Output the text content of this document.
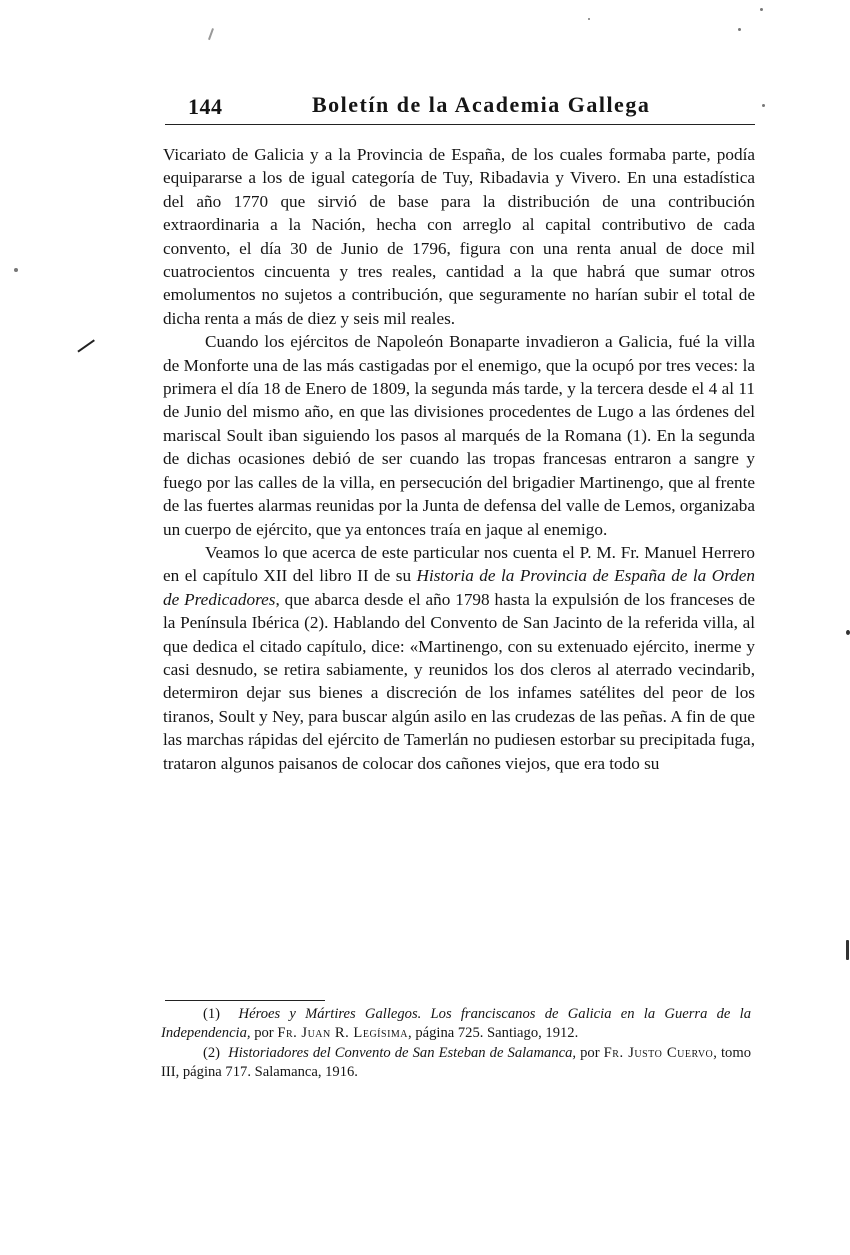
144	Boletín de la Academia Gallega

Vicariato de Galicia y a la Provincia de España, de los cuales formaba parte, podía equipararse a los de igual categoría de Tuy, Ribadavia y Vivero. En una estadística del año 1770 que sirvió de base para la distribución de una contribución extraordinaria a la Nación, hecha con arreglo al capital contributivo de cada convento, el día 30 de Junio de 1796, figura con una renta anual de doce mil cuatrocientos cincuenta y tres reales, cantidad a la que habrá que sumar otros emolumentos no sujetos a contribución, que seguramente no harían subir el total de dicha renta a más de diez y seis mil reales.

Cuando los ejércitos de Napoleón Bonaparte invadieron a Galicia, fué la villa de Monforte una de las más castigadas por el enemigo, que la ocupó por tres veces: la primera el día 18 de Enero de 1809, la segunda más tarde, y la tercera desde el 4 al 11 de Junio del mismo año, en que las divisiones procedentes de Lugo a las órdenes del mariscal Soult iban siguiendo los pasos al marqués de la Romana (1). En la segunda de dichas ocasiones debió de ser cuando las tropas francesas entraron a sangre y fuego por las calles de la villa, en persecución del brigadier Martinengo, que al frente de las fuertes alarmas reunidas por la Junta de defensa del valle de Lemos, organizaba un cuerpo de ejército, que ya entonces traía en jaque al enemigo.

Veamos lo que acerca de este particular nos cuenta el P. M. Fr. Manuel Herrero en el capítulo XII del libro II de su Historia de la Provincia de España de la Orden de Predicadores, que abarca desde el año 1798 hasta la expulsión de los franceses de la Península Ibérica (2). Hablando del Convento de San Jacinto de la referida villa, al que dedica el citado capítulo, dice: «Martinengo, con su extenuado ejército, inerme y casi desnudo, se retira sabiamente, y reunidos los dos cleros al aterrado vecindarib, determiron dejar sus bienes a discreción de los infames satélites del peor de los tiranos, Soult y Ney, para buscar algún asilo en las crudezas de las peñas. A fin de que las marchas rápidas del ejército de Tamerlán no pudiesen estorbar su precipitada fuga, trataron algunos paisanos de colocar dos cañones viejos, que era todo su

(1) Héroes y Mártires Gallegos. Los franciscanos de Galicia en la Guerra de la Independencia, por Fr. Juan R. Legísima, página 725. Santiago, 1912.

(2) Historiadores del Convento de San Esteban de Salamanca, por Fr. Justo Cuervo, tomo III, página 717. Salamanca, 1916.
